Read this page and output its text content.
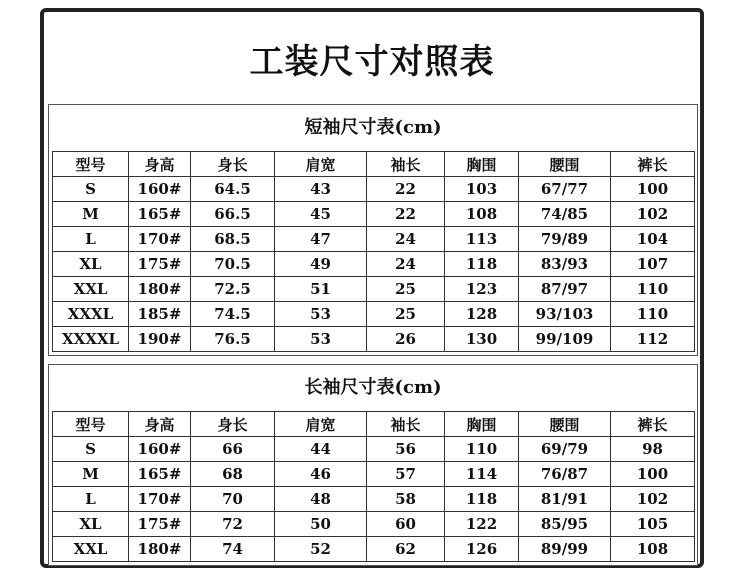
工装尺寸对照表
短袖尺寸表(cm)
型号	身高	身长	肩宽	袖长	胸围	腰围	裤长
S	160#	64.5	43	22	103	67/77	100
M	165#	66.5	45	22	108	74/85	102
L	170#	68.5	47	24	113	79/89	104
XL	175#	70.5	49	24	118	83/93	107
XXL	180#	72.5	51	25	123	87/97	110
XXXL	185#	74.5	53	25	128	93/103	110
XXXXL	190#	76.5	53	26	130	99/109	112
长袖尺寸表(cm)
型号	身高	身长	肩宽	袖长	胸围	腰围	裤长
S	160#	66	44	56	110	69/79	98
M	165#	68	46	57	114	76/87	100
L	170#	70	48	58	118	81/91	102
XL	175#	72	50	60	122	85/95	105
XXL	180#	74	52	62	126	89/99	108
